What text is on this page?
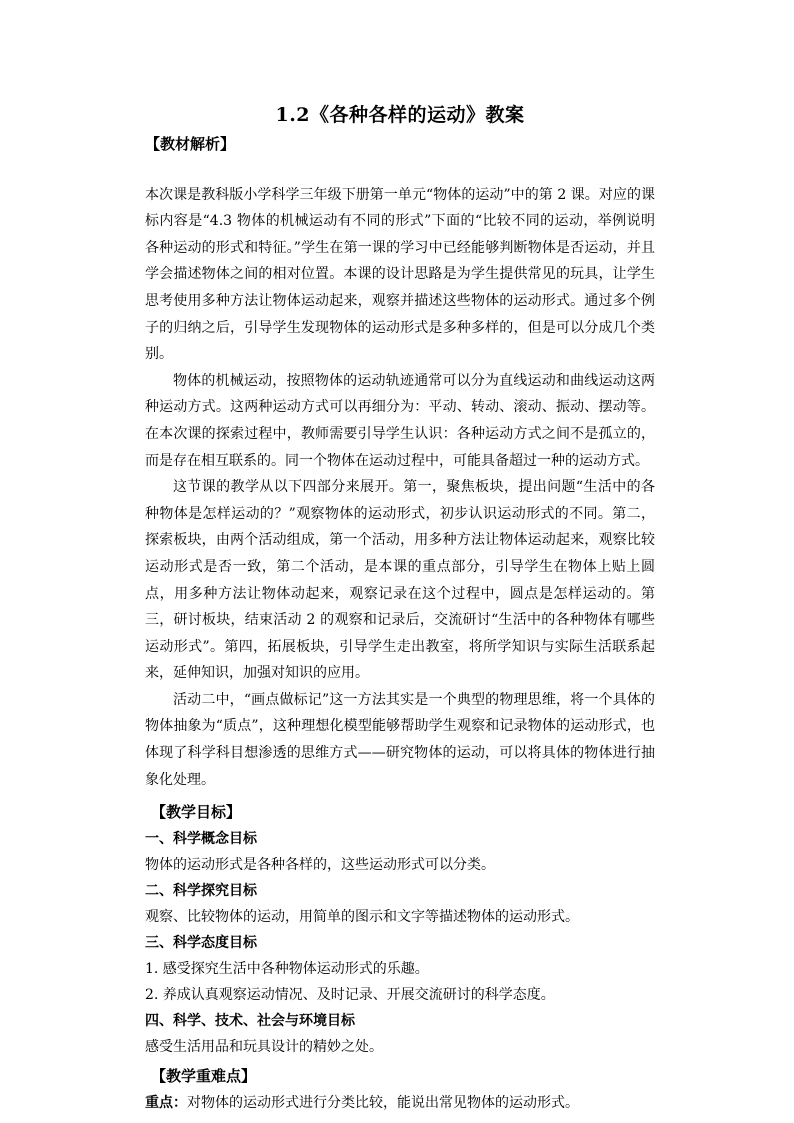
1.2《各种各样的运动》教案
【教材解析】

本次课是教科版小学科学三年级下册第一单元“物体的运动”中的第 2 课。对应的课标内容是“4.3 物体的机械运动有不同的形式”下面的“比较不同的运动，举例说明各种运动的形式和特征。”学生在第一课的学习中已经能够判断物体是否运动，并且学会描述物体之间的相对位置。本课的设计思路是为学生提供常见的玩具，让学生思考使用多种方法让物体运动起来，观察并描述这些物体的运动形式。通过多个例子的归纳之后，引导学生发现物体的运动形式是多种多样的，但是可以分成几个类别。

物体的机械运动，按照物体的运动轨迹通常可以分为直线运动和曲线运动这两种运动方式。这两种运动方式可以再细分为：平动、转动、滚动、振动、摆动等。在本次课的探索过程中，教师需要引导学生认识：各种运动方式之间不是孤立的，而是存在相互联系的。同一个物体在运动过程中，可能具备超过一种的运动方式。

这节课的教学从以下四部分来展开。第一，聚焦板块，提出问题“生活中的各种物体是怎样运动的？”观察物体的运动形式，初步认识运动形式的不同。第二，探索板块，由两个活动组成，第一个活动，用多种方法让物体运动起来，观察比较运动形式是否一致，第二个活动，是本课的重点部分，引导学生在物体上贴上圆点，用多种方法让物体动起来，观察记录在这个过程中，圆点是怎样运动的。第三，研讨板块，结束活动 2 的观察和记录后，交流研讨“生活中的各种物体有哪些运动形式”。第四，拓展板块，引导学生走出教室，将所学知识与实际生活联系起来，延伸知识，加强对知识的应用。

活动二中，“画点做标记”这一方法其实是一个典型的物理思维，将一个具体的物体抽象为“质点”，这种理想化模型能够帮助学生观察和记录物体的运动形式，也体现了科学科目想渗透的思维方式——研究物体的运动，可以将具体的物体进行抽象化处理。

【教学目标】
一、科学概念目标

物体的运动形式是各种各样的，这些运动形式可以分类。

二、科学探究目标

观察、比较物体的运动，用简单的图示和文字等描述物体的运动形式。

三、科学态度目标

1. 感受探究生活中各种物体运动形式的乐趣。

2. 养成认真观察运动情况、及时记录、开展交流研讨的科学态度。

四、科学、技术、社会与环境目标

感受生活用品和玩具设计的精妙之处。

【教学重难点】

重点：对物体的运动形式进行分类比较，能说出常见物体的运动形式。
